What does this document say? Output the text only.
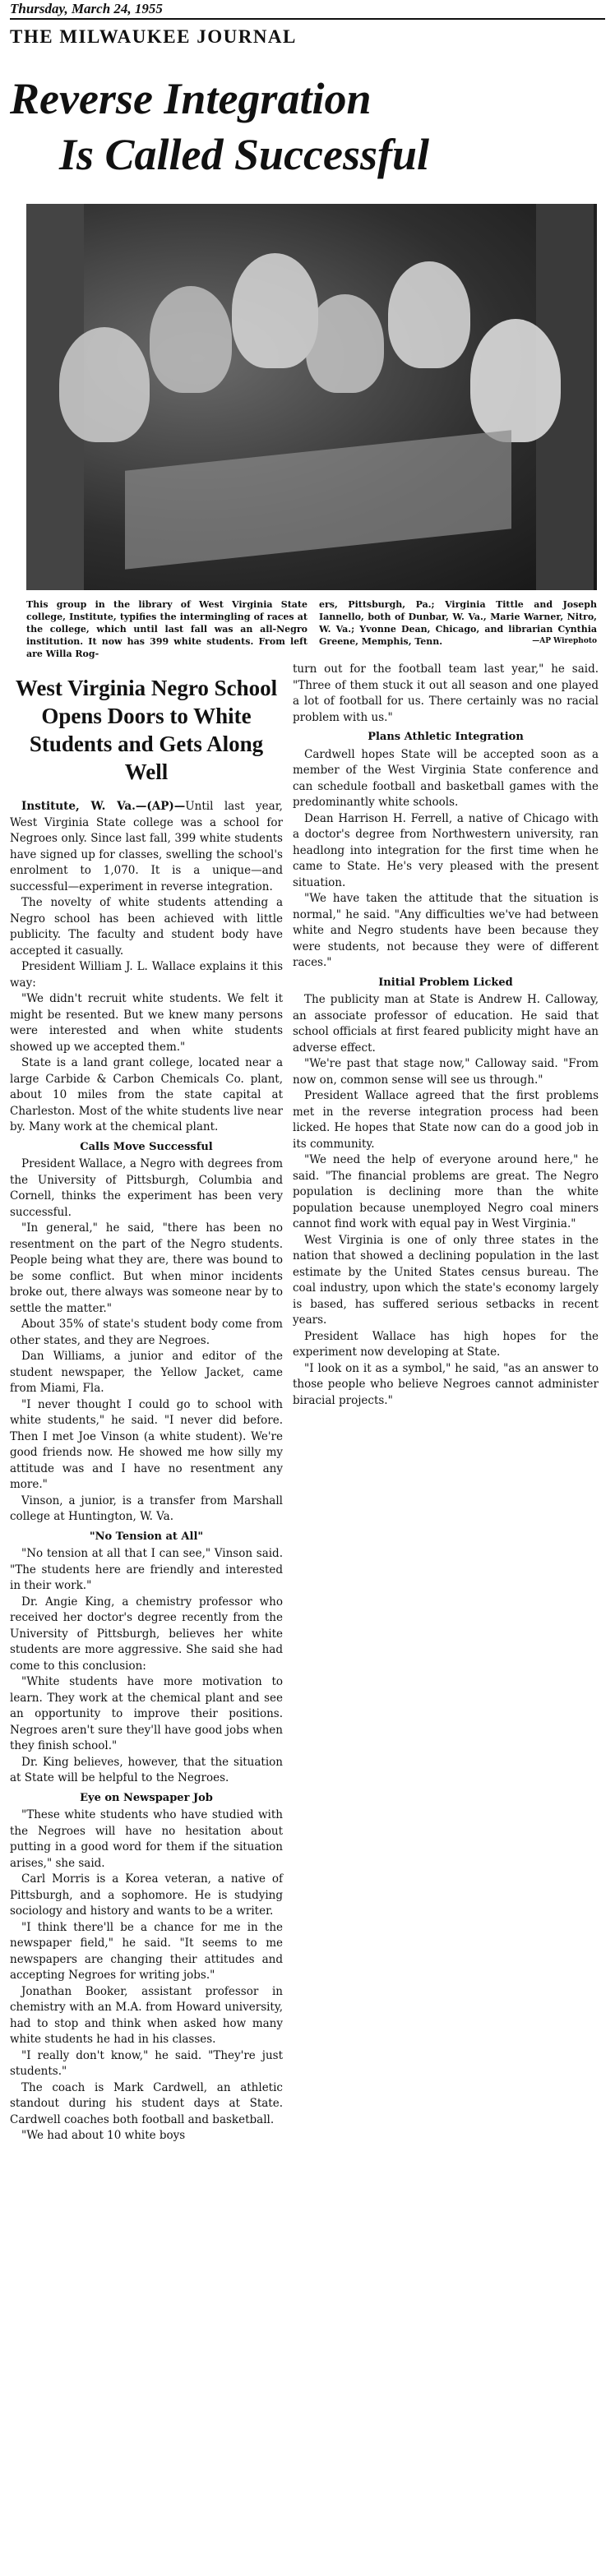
Thursday, March 24, 1955
THE MILWAUKEE JOURNAL
Reverse Integration
Is Called Successful
This group in the library of West Virginia State college, Institute, typifies the intermingling of races at the college, which until last fall was an all-Negro institution. It now has 399 white students. From left are Willa Rog-
ers, Pittsburgh, Pa.; Virginia Tittle and Joseph Iannello, both of Dunbar, W. Va., Marie Warner, Nitro, W. Va.; Yvonne Dean, Chicago, and librarian Cynthia Greene, Memphis, Tenn.	—AP Wirephoto
West Virginia Negro School Opens Doors to White Students and Gets Along Well

Institute, W. Va.—(AP)—Until last year, West Virginia State college was a school for Negroes only. Since last fall, 399 white students have signed up for classes, swelling the school's enrolment to 1,070. It is a unique—and successful—experiment in reverse integration.

The novelty of white students attending a Negro school has been achieved with little publicity. The faculty and student body have accepted it casually.

President William J. L. Wallace explains it this way:

"We didn't recruit white students. We felt it might be resented. But we knew many persons were interested and when white students showed up we accepted them."

State is a land grant college, located near a large Carbide & Carbon Chemicals Co. plant, about 10 miles from the state capital at Charleston. Most of the white students live near by. Many work at the chemical plant.

Calls Move Successful

President Wallace, a Negro with degrees from the University of Pittsburgh, Columbia and Cornell, thinks the experiment has been very successful.

"In general," he said, "there has been no resentment on the part of the Negro students. People being what they are, there was bound to be some conflict. But when minor incidents broke out, there always was someone near by to settle the matter."

About 35% of state's student body come from other states, and they are Negroes.

Dan Williams, a junior and editor of the student newspaper, the Yellow Jacket, came from Miami, Fla.

"I never thought I could go to school with white students," he said. "I never did before. Then I met Joe Vinson (a white student). We're good friends now. He showed me how silly my attitude was and I have no resentment any more."

Vinson, a junior, is a transfer from Marshall college at Huntington, W. Va.

"No Tension at All"

"No tension at all that I can see," Vinson said. "The students here are friendly and interested in their work."

Dr. Angie King, a chemistry professor who received her doctor's degree recently from the University of Pittsburgh, believes her white students are more aggressive. She said she had come to this conclusion:

"White students have more motivation to learn. They work at the chemical plant and see an opportunity to improve their positions. Negroes aren't sure they'll have good jobs when they finish school."

Dr. King believes, however, that the situation at State will be helpful to the Negroes.

Eye on Newspaper Job

"These white students who have studied with the Negroes will have no hesitation about putting in a good word for them if the situation arises," she said.

Carl Morris is a Korea veteran, a native of Pittsburgh, and a sophomore. He is studying sociology and history and wants to be a writer.

"I think there'll be a chance for me in the newspaper field," he said. "It seems to me newspapers are changing their attitudes and accepting Negroes for writing jobs."

Jonathan Booker, assistant professor in chemistry with an M.A. from Howard university, had to stop and think when asked how many white students he had in his classes.

"I really don't know," he said. "They're just students."

The coach is Mark Cardwell, an athletic standout during his student days at State. Cardwell coaches both football and basketball.

"We had about 10 white boys

turn out for the football team last year," he said. "Three of them stuck it out all season and one played a lot of football for us. There certainly was no racial problem with us."

Plans Athletic Integration

Cardwell hopes State will be accepted soon as a member of the West Virginia State conference and can schedule football and basketball games with the predominantly white schools.

Dean Harrison H. Ferrell, a native of Chicago with a doctor's degree from Northwestern university, ran headlong into integration for the first time when he came to State. He's very pleased with the present situation.

"We have taken the attitude that the situation is normal," he said. "Any difficulties we've had between white and Negro students have been because they were students, not because they were of different races."

Initial Problem Licked

The publicity man at State is Andrew H. Calloway, an associate professor of education. He said that school officials at first feared publicity might have an adverse effect.

"We're past that stage now," Calloway said. "From now on, common sense will see us through."

President Wallace agreed that the first problems met in the reverse integration process had been licked. He hopes that State now can do a good job in its community.

"We need the help of everyone around here," he said. "The financial problems are great. The Negro population is declining more than the white population because unemployed Negro coal miners cannot find work with equal pay in West Virginia."

West Virginia is one of only three states in the nation that showed a declining population in the last estimate by the United States census bureau. The coal industry, upon which the state's economy largely is based, has suffered serious setbacks in recent years.

President Wallace has high hopes for the experiment now developing at State.

"I look on it as a symbol," he said, "as an answer to those people who believe Negroes cannot administer biracial projects."
